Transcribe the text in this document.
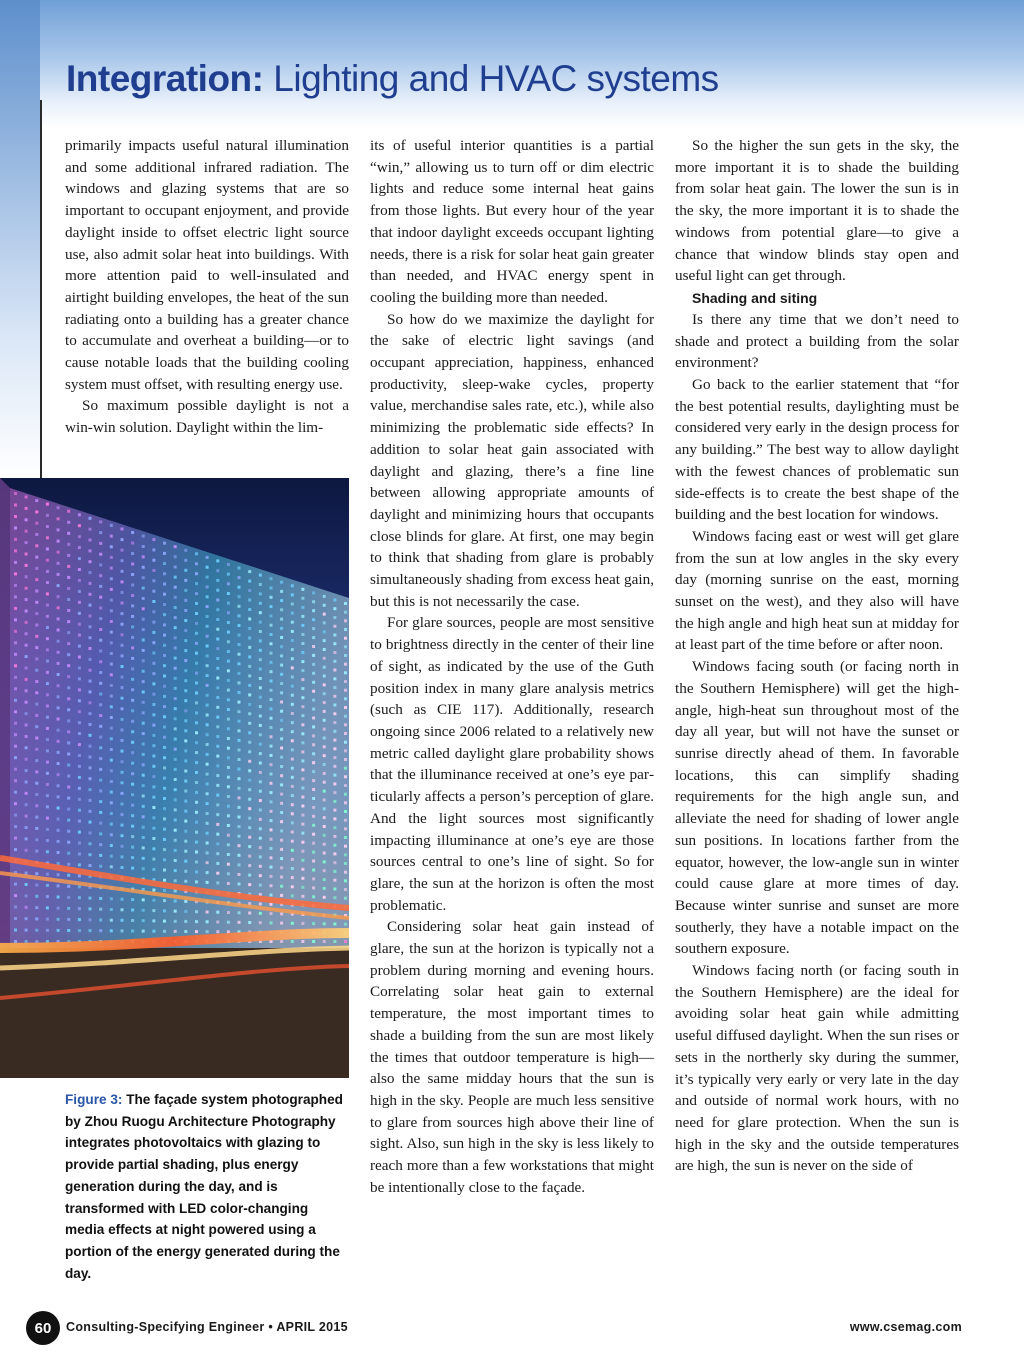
Integration: Lighting and HVAC systems

primarily impacts useful natural illumination and some additional infrared radiation. The windows and glazing systems that are so important to occupant enjoyment, and provide daylight inside to offset electric light source use, also admit solar heat into buildings. With more attention paid to well-insulated and airtight building envelopes, the heat of the sun radiating onto a building has a greater chance to accumulate and overheat a building—or to cause notable loads that the building cooling system must offset, with resulting energy use.

So maximum possible daylight is not a win-win solution. Daylight within the lim-

its of useful interior quantities is a partial “win,” allowing us to turn off or dim electric lights and reduce some internal heat gains from those lights. But every hour of the year that indoor daylight exceeds occupant lighting needs, there is a risk for solar heat gain greater than needed, and HVAC energy spent in cooling the building more than needed.

So how do we maximize the daylight for the sake of electric light savings (and occupant appreciation, happiness, enhanced productivity, sleep-wake cycles, property value, merchandise sales rate, etc.), while also minimizing the problematic side effects? In addition to solar heat gain associated with daylight and glazing, there’s a fine line between allowing appropriate amounts of daylight and minimizing hours that occupants close blinds for glare. At first, one may begin to think that shading from glare is probably simultaneously shading from excess heat gain, but this is not necessarily the case.

For glare sources, people are most sensitive to brightness directly in the center of their line of sight, as indicated by the use of the Guth position index in many glare analysis metrics (such as CIE 117). Additionally, research ongoing since 2006 related to a relatively new metric called daylight glare probability shows that the illuminance received at one’s eye particularly affects a person’s perception of glare. And the light sources most significantly impacting illuminance at one’s eye are those sources central to one’s line of sight. So for glare, the sun at the horizon is often the most problematic.

Considering solar heat gain instead of glare, the sun at the horizon is typically not a problem during morning and evening hours. Correlating solar heat gain to external temperature, the most important times to shade a building from the sun are most likely the times that outdoor temperature is high—also the same midday hours that the sun is high in the sky. People are much less sensitive to glare from sources high above their line of sight. Also, sun high in the sky is less likely to reach more than a few workstations that might be intentionally close to the façade.

So the higher the sun gets in the sky, the more important it is to shade the building from solar heat gain. The lower the sun is in the sky, the more important it is to shade the windows from potential glare—to give a chance that window blinds stay open and useful light can get through.

Shading and siting

Is there any time that we don’t need to shade and protect a building from the solar environment?

Go back to the earlier statement that “for the best potential results, daylighting must be considered very early in the design process for any building.” The best way to allow daylight with the fewest chances of problematic sun side-effects is to create the best shape of the building and the best location for windows.

Windows facing east or west will get glare from the sun at low angles in the sky every day (morning sunrise on the east, morning sunset on the west), and they also will have the high angle and high heat sun at midday for at least part of the time before or after noon.

Windows facing south (or facing north in the Southern Hemisphere) will get the high-angle, high-heat sun throughout most of the day all year, but will not have the sunset or sunrise directly ahead of them. In favorable locations, this can simplify shading requirements for the high angle sun, and alleviate the need for shading of lower angle sun positions. In locations farther from the equator, however, the low-angle sun in winter could cause glare at more times of day. Because winter sunrise and sunset are more southerly, they have a notable impact on the southern exposure.

Windows facing north (or facing south in the Southern Hemisphere) are the ideal for avoiding solar heat gain while admitting useful diffused daylight. When the sun rises or sets in the northerly sky during the summer, it’s typically very early or very late in the day and outside of normal work hours, with no need for glare protection. When the sun is high in the sky and the outside temperatures are high, the sun is never on the side of

Figure 3: The façade system photographed by Zhou Ruogu Architecture Photography integrates photovoltaics with glazing to provide partial shading, plus energy generation during the day, and is transformed with LED color-changing media effects at night powered using a portion of the energy generated during the day.
60	Consulting-Specifying Engineer • APRIL 2015	www.csemag.com
